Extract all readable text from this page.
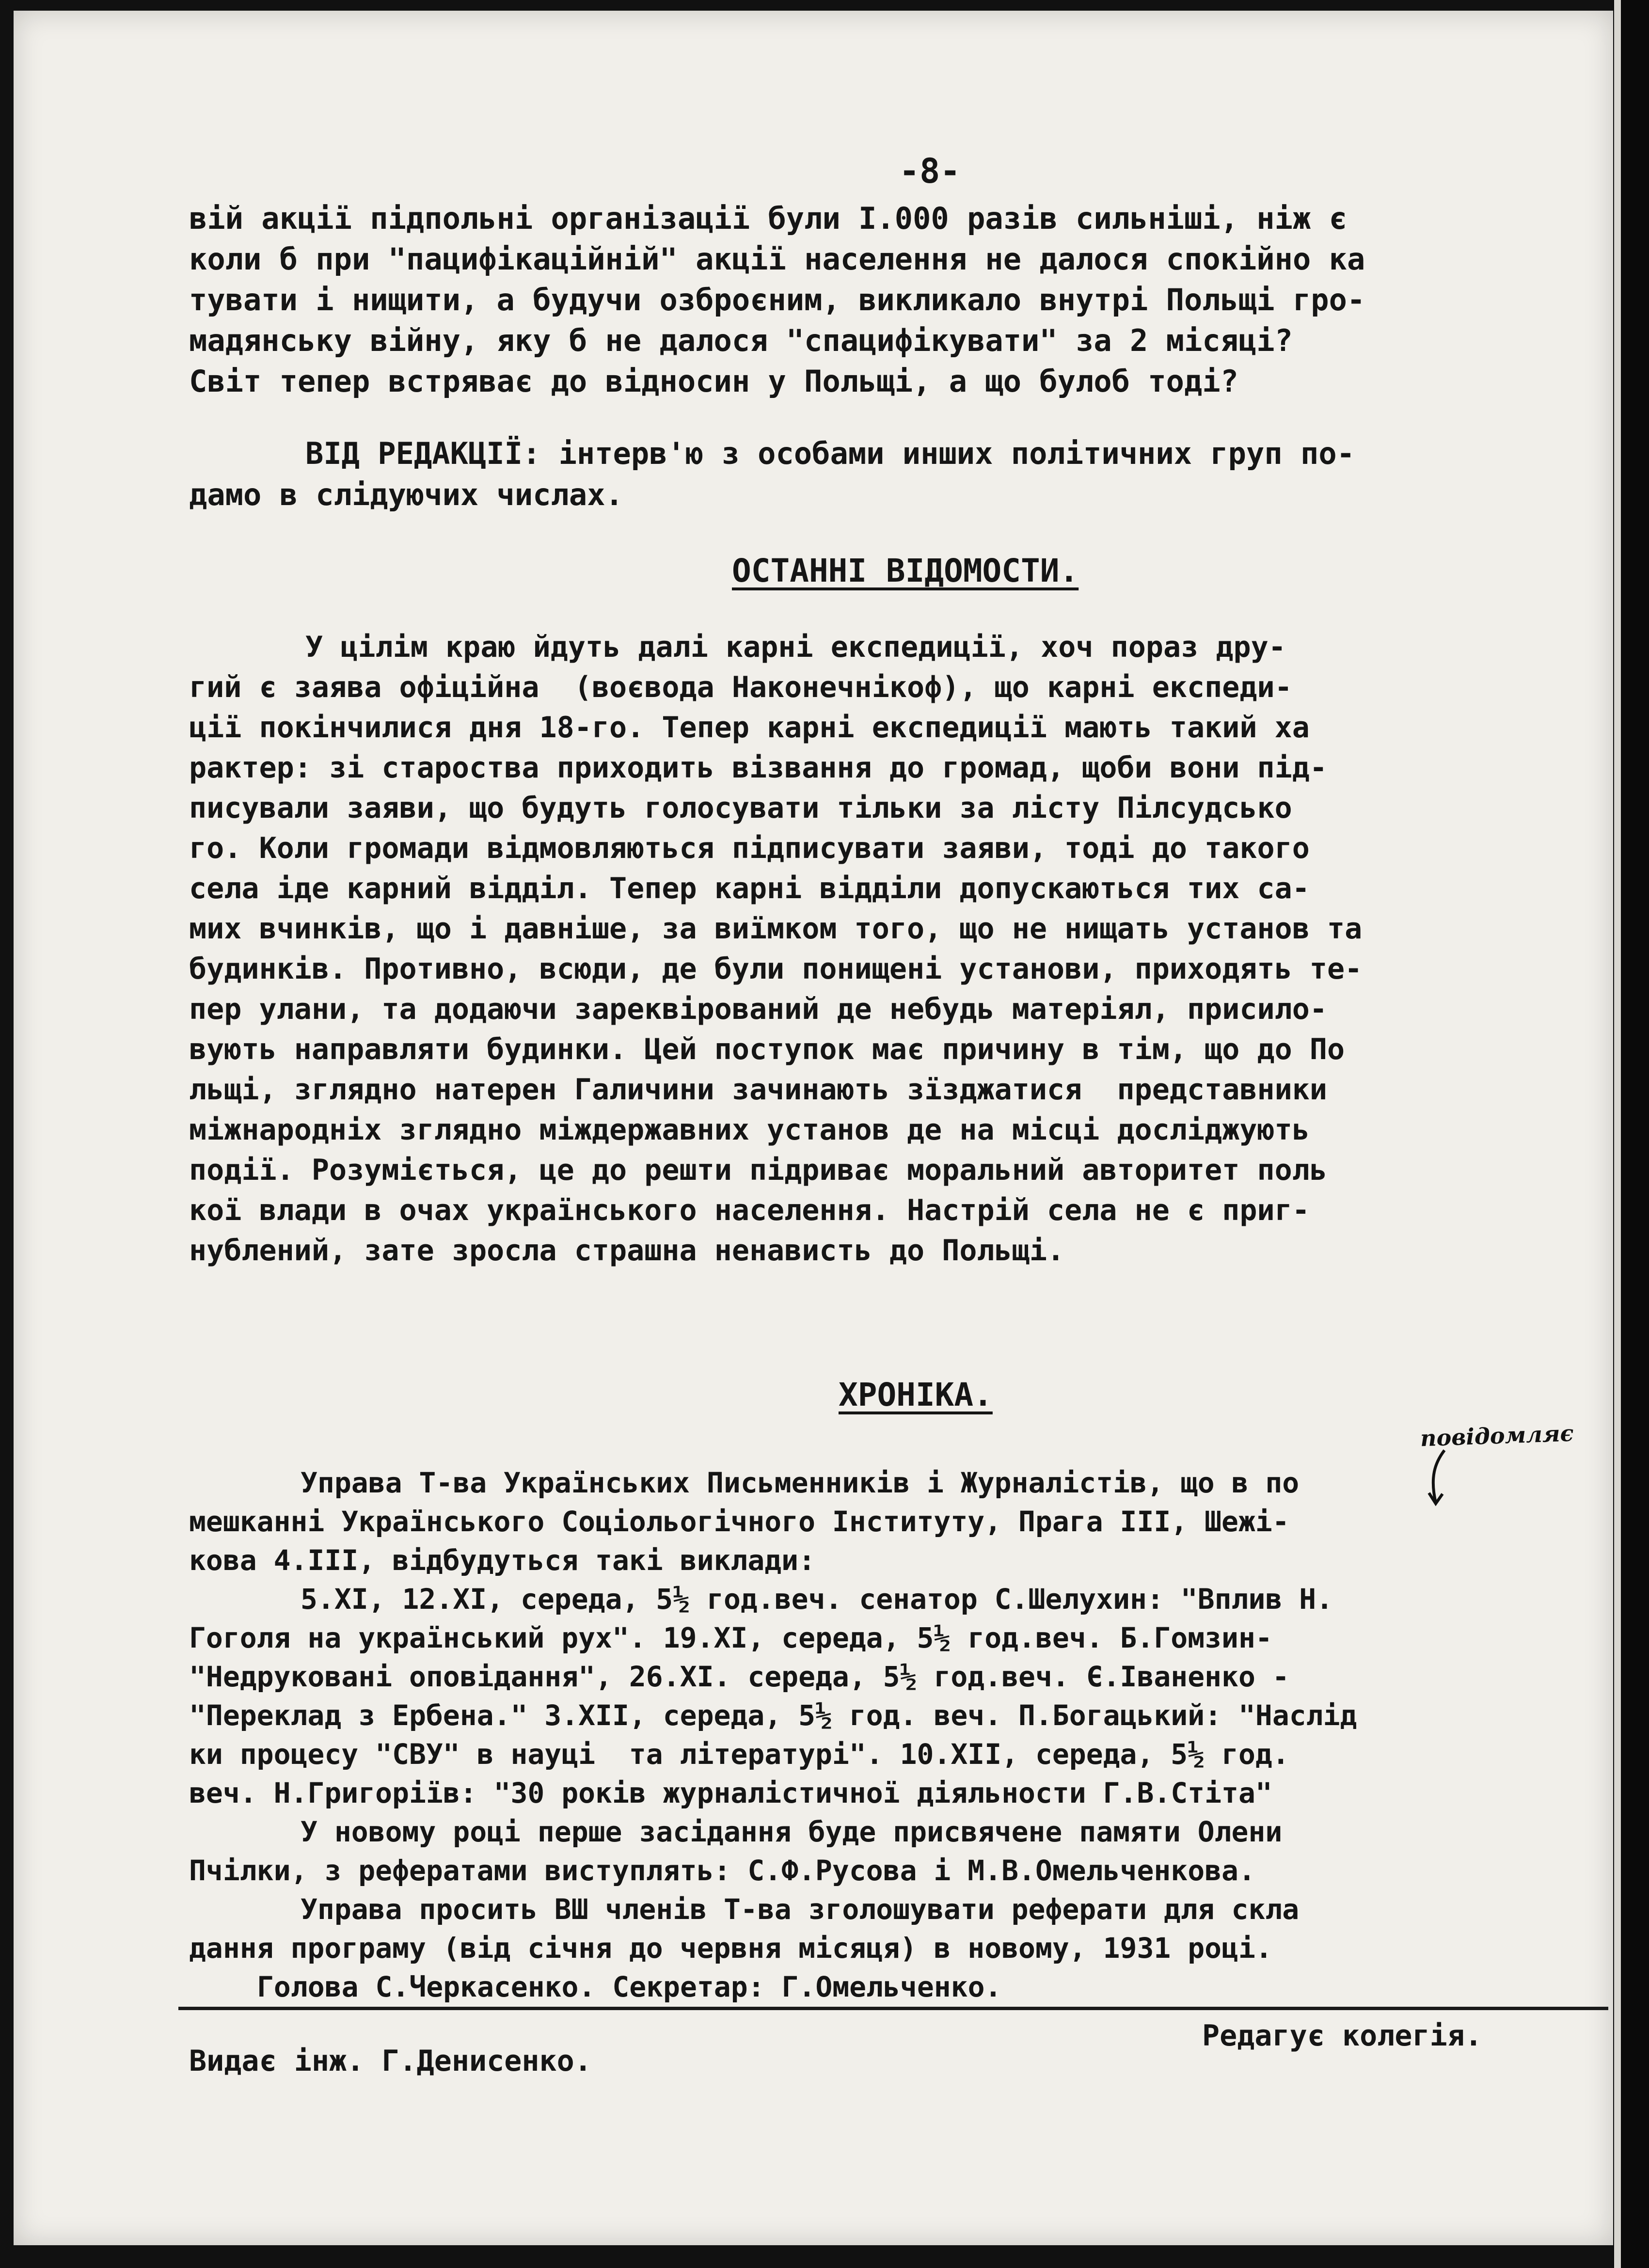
-8-
вій акції підпольні організації були І.000 разів сильніші, ніж є
коли б при "пацифікаційній" акції населення не далося спокійно ка
тувати і нищити, а будучи озброєним, викликало внутрі Польщі гро-
мадянську війну, яку б не далося "спацифікувати" за 2 місяці?
Світ тепер встряває до відносин у Польщі, а що булоб тоді?
ВІД РЕДАКЦІЇ: інтерв'ю з особами инших політичних груп по-
дамо в слідуючих числах.
ОСТАННІ ВІДОМОСТИ.
У цілім краю йдуть далі карні експедиції, хоч пораз дру-
гий є заява офіційна  (воєвода Наконечнікоф), що карні експеди-
ції покінчилися дня 18-го. Тепер карні експедиції мають такий ха
рактер: зі староства приходить візвання до громад, щоби вони під-
писували заяви, що будуть голосувати тільки за лісту Пілсудсько
го. Коли громади відмовляються підписувати заяви, тоді до такого
села іде карний відділ. Тепер карні відділи допускаються тих са-
мих вчинків, що і давніше, за виїмком того, що не нищать установ та
будинків. Противно, всюди, де були понищені установи, приходять те-
пер улани, та додаючи зареквірований де небудь матеріял, присило-
вують направляти будинки. Цей поступок має причину в тім, що до По
льщі, зглядно натерен Галичини зачинають зїзджатися  представники
міжнародніх зглядно міждержавних установ де на місці досліджують
події. Розуміється, це до решти підриває моральний авторитет поль
кої влади в очах українського населення. Настрій села не є приг-
нублений, зате зросла страшна ненависть до Польщі.
ХРОНІКА.
повідомляє
Управа Т-ва Українських Письменників і Журналістів, що в по
мешканні Українського Соціольогічного Інституту, Прага ІІІ, Шежі-
кова 4.ІІІ, відбудуться такі виклади:
5.ХІ, 12.ХІ, середа, 5½ год.веч. сенатор С.Шелухин: "Вплив Н.
Гоголя на український рух". 19.ХІ, середа, 5½ год.веч. Б.Гомзин-
"Недруковані оповідання", 26.ХІ. середа, 5½ год.веч. Є.Іваненко -
"Переклад з Ербена." 3.ХІІ, середа, 5½ год. веч. П.Богацький: "Наслід
ки процесу "СВУ" в науці  та літературі". 10.ХІІ, середа, 5½ год.
веч. Н.Григоріїв: "30 років журналістичної діяльности Г.В.Стіта"
У новому році перше засідання буде присвячене памяти Олени
Пчілки, з рефератами виступлять: С.Ф.Русова і М.В.Омельченкова.
Управа просить ВШ членів Т-ва зголошувати реферати для скла
дання програму (від січня до червня місяця) в новому, 1931 році.
Голова С.Черкасенко. Секретар: Г.Омельченко.
Видає інж. Г.Денисенко.
Редагує колегія.
